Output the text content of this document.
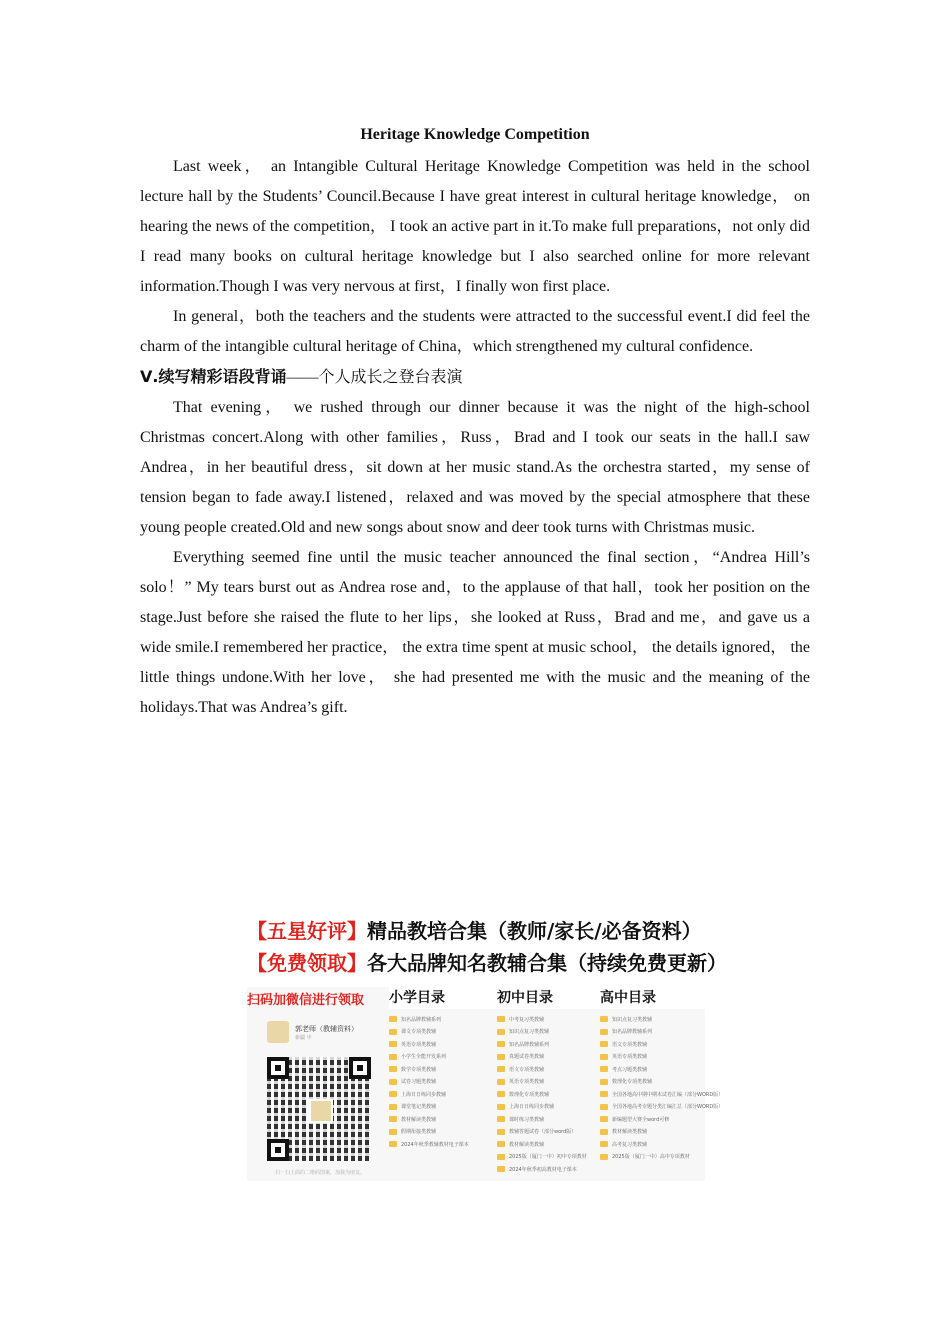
Heritage Knowledge Competition

Last week， an Intangible Cultural Heritage Knowledge Competition was held in the school lecture hall by the Students’ Council.Because I have great interest in cultural heritage knowledge， on hearing the news of the competition， I took an active part in it.To make full preparations，not only did I read many books on cultural heritage knowledge but I also searched online for more relevant information.Though I was very nervous at first，I finally won first place.

In general，both the teachers and the students were attracted to the successful event.I did feel the charm of the intangible cultural heritage of China，which strengthened my cultural confidence.

Ⅴ.续写精彩语段背诵——个人成长之登台表演

That evening， we rushed through our dinner because it was the night of the high-school Christmas concert.Along with other families，Russ，Brad and I took our seats in the hall.I saw Andrea，in her beautiful dress，sit down at her music stand.As the orchestra started，my sense of tension began to fade away.I listened，relaxed and was moved by the special atmosphere that these young people created.Old and new songs about snow and deer took turns with Christmas music.

Everything seemed fine until the music teacher announced the final section，“Andrea Hill’s solo！” My tears burst out as Andrea rose and，to the applause of that hall，took her position on the stage.Just before she raised the flute to her lips，she looked at Russ，Brad and me，and gave us a wide smile.I remembered her practice， the extra time spent at music school， the details ignored， the little things undone.With her love， she had presented me with the music and the meaning of the holidays.That was Andrea’s gift.

【五星好评】精品教培合集（教师/家长/必备资料）
【免费领取】各大品牌知名教辅合集（持续免费更新）
扫码加微信进行领取
郭老师（教辅资料）
新疆 中
扫一扫上面的二维码图案，加我为朋友。
小学目录
知名品牌教辅系列
课文专项类教辅
英语专项类教辅
小学生全能开发系列
数学专项类教辅
试卷习题类教辅
上海日日练同步教辅
课堂笔记类教辅
教材解读类教辅
假期衔接类教辅
2024年秋季教辅教材电子课本
初中目录
中考复习类教辅
知识点复习类教辅
知名品牌教辅系列
真题试卷类教辅
语文专项类教辅
英语专项类教辅
数理化专项类教辅
上海日日练同步教辅
课时练习类教辅
教辅答题试卷（部分word版）
教材解读类教辅
2025版（厦门一中）初中专项教材
2024年秋季初高教材电子课本
高中目录
知识点复习类教辅
知名品牌教辅系列
语文专项类教辅
英语专项类教辅
考点习题类教辅
数理化专项类教辅
全国各地高中期中期末试卷汇编（部分WORD版）
全国各地高考专题分类汇编汇总（部分WORD版）
新编题型大赛全word可修
教材解读类教辅
高考复习类教辅
2025版（厦门一中）高中专项教材
